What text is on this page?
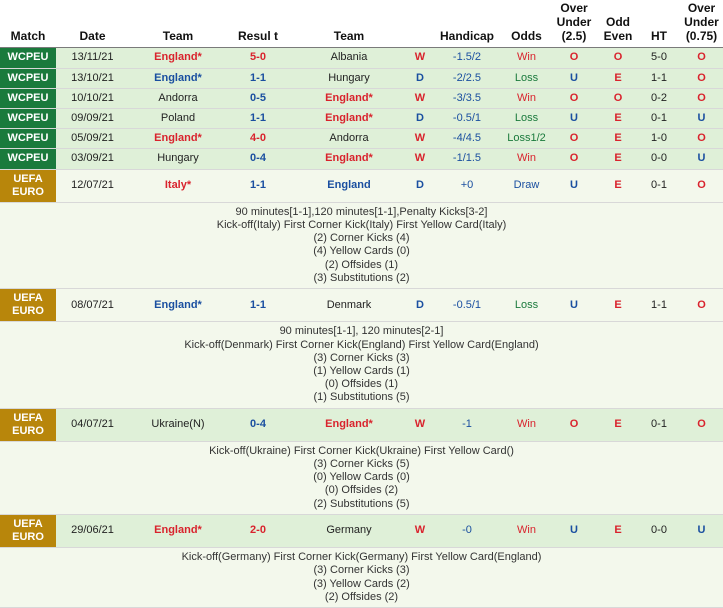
Match	Date	Team	Resul t	Team		Handicap	Odds	Over Under (2.5)	Odd Even	HT	Over Under (0.75)
WCPEU	13/11/21	England*	5-0	Albania	W	-1.5/2	Win	O	O	5-0	O
WCPEU	13/10/21	England*	1-1	Hungary	D	-2/2.5	Loss	U	E	1-1	O
WCPEU	10/10/21	Andorra	0-5	England*	W	-3/3.5	Win	O	O	0-2	O
WCPEU	09/09/21	Poland	1-1	England*	D	-0.5/1	Loss	U	E	0-1	U
WCPEU	05/09/21	England*	4-0	Andorra	W	-4/4.5	Loss1/2	O	E	1-0	O
WCPEU	03/09/21	Hungary	0-4	England*	W	-1/1.5	Win	O	E	0-0	U
UEFA EURO	12/07/21	Italy*	1-1	England	D	+0	Draw	U	E	0-1	O

90 minutes[1-1],120 minutes[1-1],Penalty Kicks[3-2]
Kick-off(Italy) First Corner Kick(Italy) First Yellow Card(Italy)
(2) Corner Kicks (4)
(4) Yellow Cards (0)
(2) Offsides (1)
(3) Substitutions (2)

UEFA EURO	08/07/21	England*	1-1	Denmark	D	-0.5/1	Loss	U	E	1-1	O

90 minutes[1-1], 120 minutes[2-1]
Kick-off(Denmark) First Corner Kick(England) First Yellow Card(England)
(3) Corner Kicks (3)
(1) Yellow Cards (1)
(0) Offsides (1)
(1) Substitutions (5)

UEFA EURO	04/07/21	Ukraine(N)	0-4	England*	W	-1	Win	O	E	0-1	O

Kick-off(Ukraine) First Corner Kick(Ukraine) First Yellow Card()
(3) Corner Kicks (5)
(0) Yellow Cards (0)
(0) Offsides (2)
(2) Substitutions (5)											

UEFA EURO	29/06/21	England*	2-0	Germany	W	-0	Win	U	E	0-0	U

Kick-off(Germany) First Corner Kick(Germany) First Yellow Card(England)
(3) Corner Kicks (3)
(3) Yellow Cards (2)
(2) Offsides (2)											
